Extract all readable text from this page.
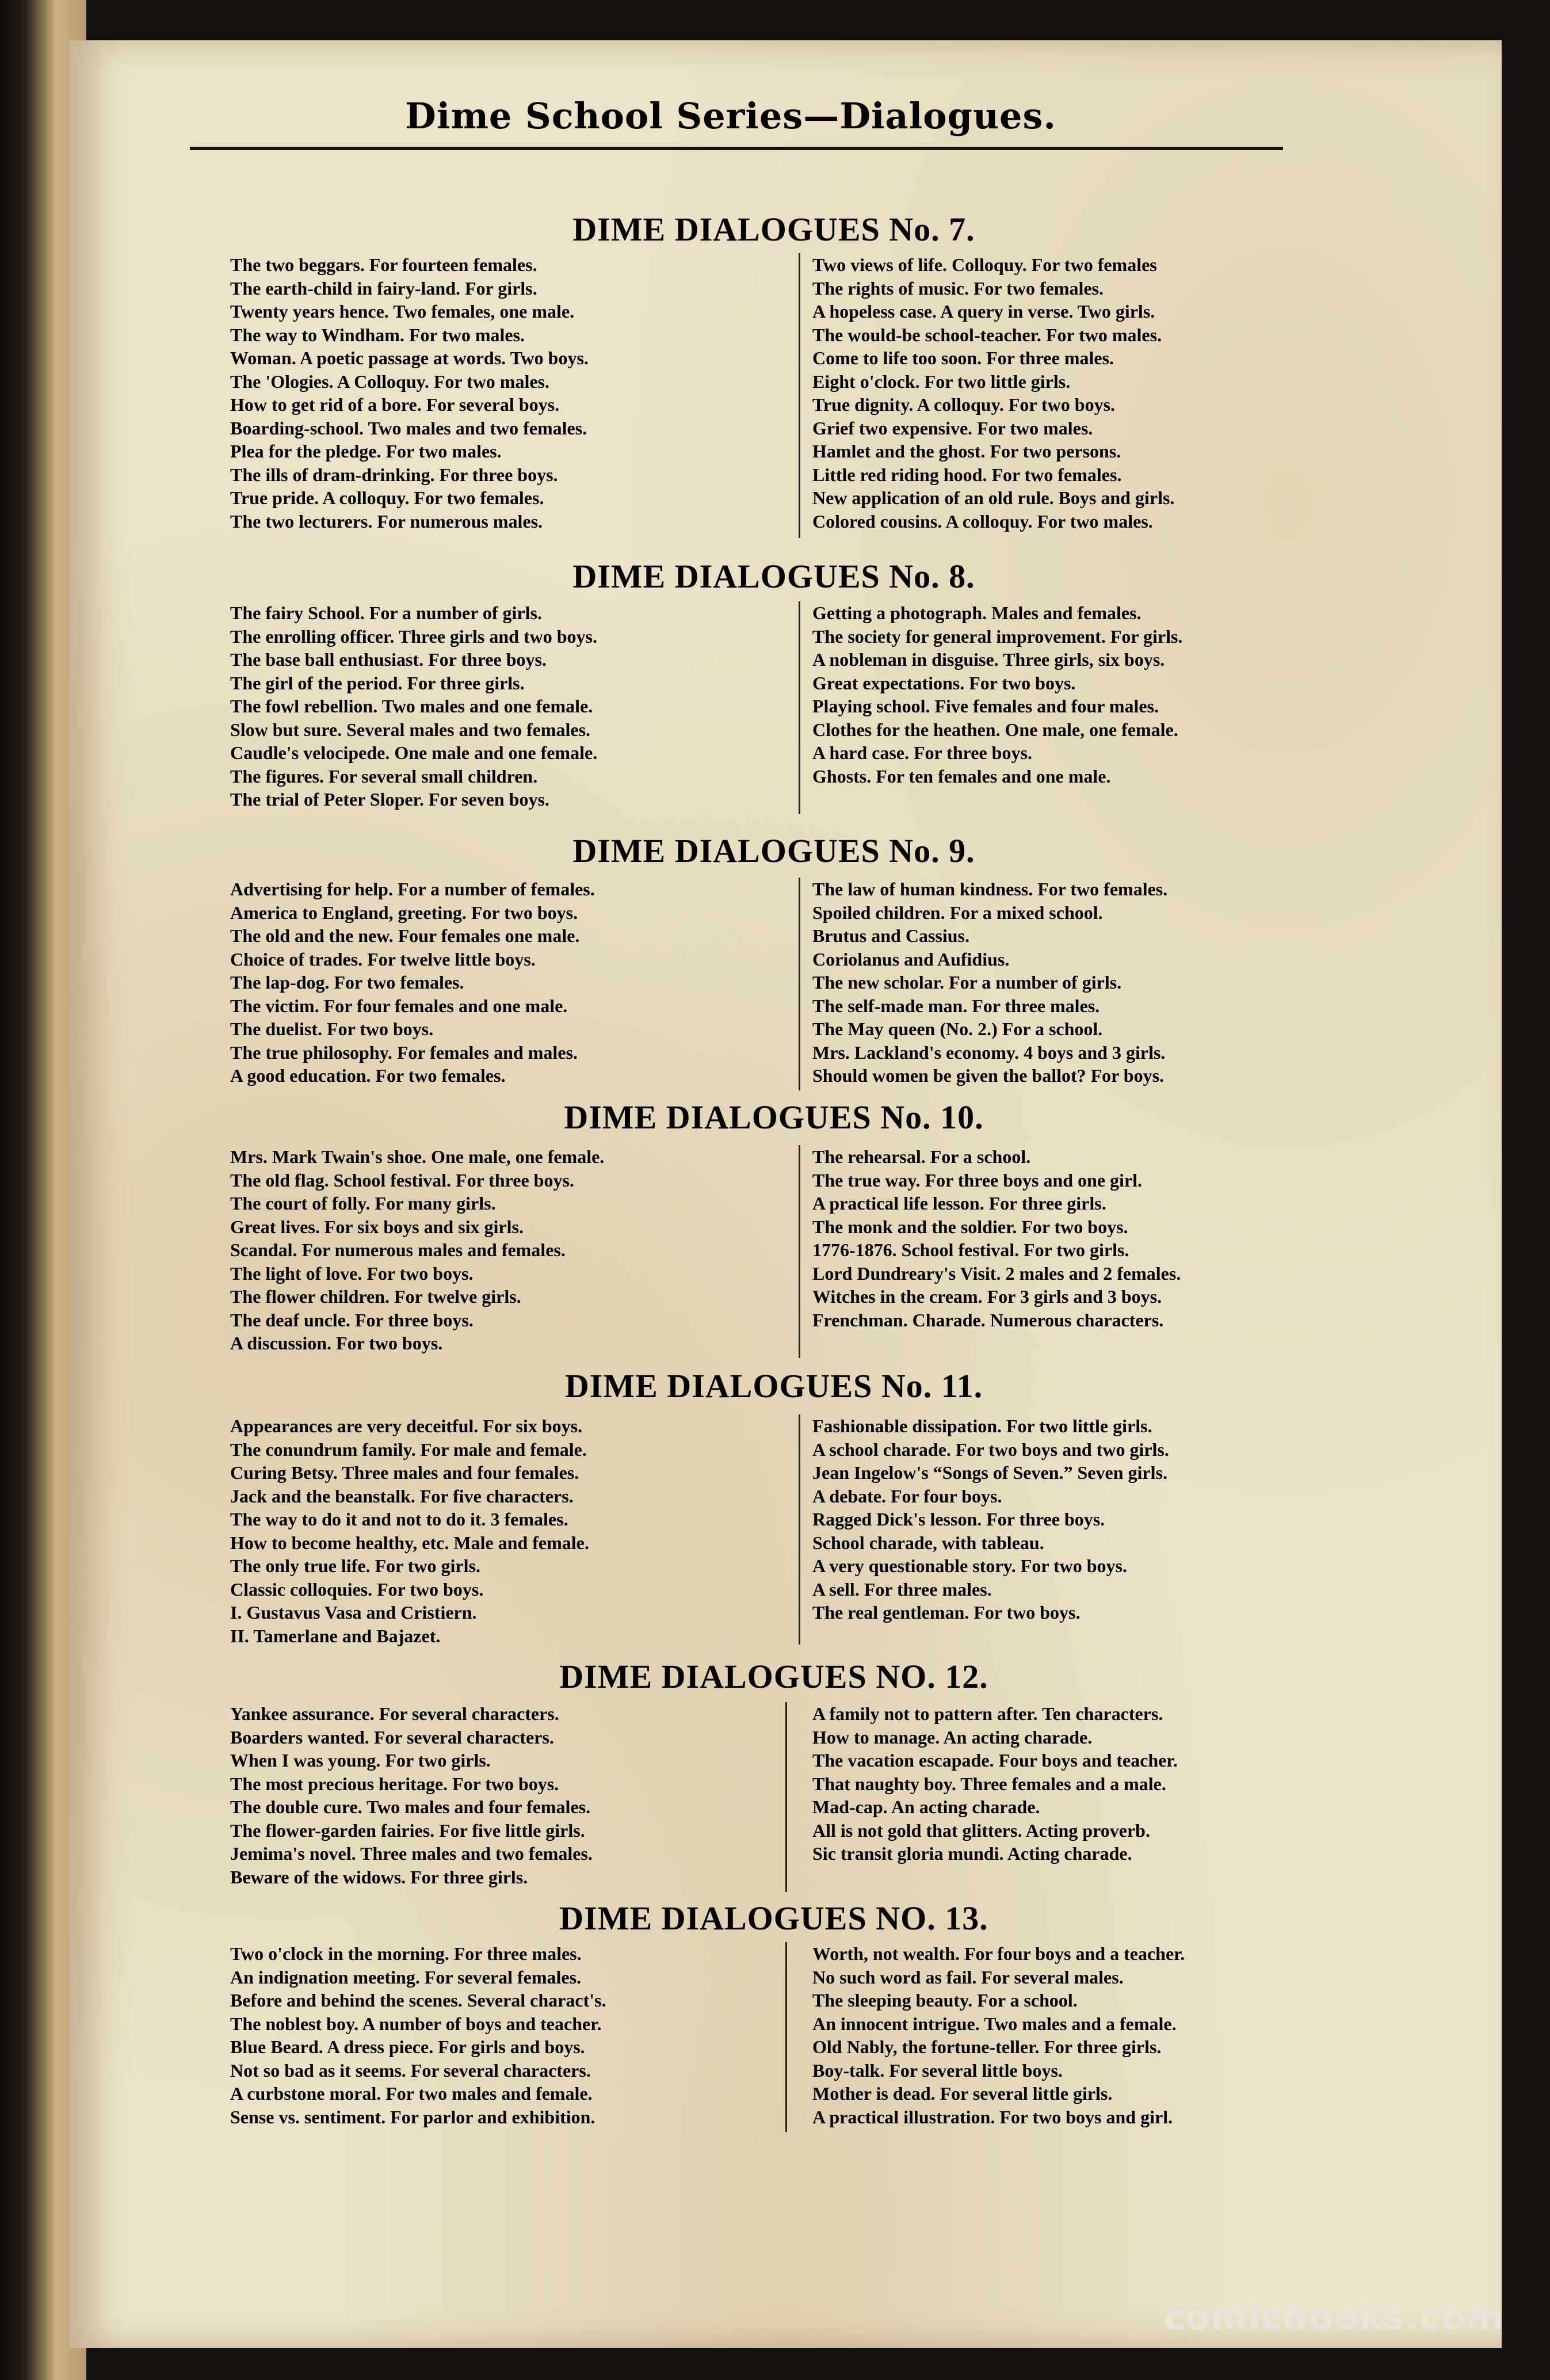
Dime School Series—Dialogues.
DIME DIALOGUES No. 7.
The two beggars. For fourteen females.
The earth-child in fairy-land. For girls.
Twenty years hence. Two females, one male.
The way to Windham. For two males.
Woman. A poetic passage at words. Two boys.
The 'Ologies. A Colloquy. For two males.
How to get rid of a bore. For several boys.
Boarding-school. Two males and two females.
Plea for the pledge. For two males.
The ills of dram-drinking. For three boys.
True pride. A colloquy. For two females.
The two lecturers. For numerous males.
Two views of life. Colloquy. For two females
The rights of music. For two females.
A hopeless case. A query in verse. Two girls.
The would-be school-teacher. For two males.
Come to life too soon. For three males.
Eight o'clock. For two little girls.
True dignity. A colloquy. For two boys.
Grief two expensive. For two males.
Hamlet and the ghost. For two persons.
Little red riding hood. For two females.
New application of an old rule. Boys and girls.
Colored cousins. A colloquy. For two males.
DIME DIALOGUES No. 8.
The fairy School. For a number of girls.
The enrolling officer. Three girls and two boys.
The base ball enthusiast. For three boys.
The girl of the period. For three girls.
The fowl rebellion. Two males and one female.
Slow but sure. Several males and two females.
Caudle's velocipede. One male and one female.
The figures. For several small children.
The trial of Peter Sloper. For seven boys.
Getting a photograph. Males and females.
The society for general improvement. For girls.
A nobleman in disguise. Three girls, six boys.
Great expectations. For two boys.
Playing school. Five females and four males.
Clothes for the heathen. One male, one female.
A hard case. For three boys.
Ghosts. For ten females and one male.
DIME DIALOGUES No. 9.
Advertising for help. For a number of females.
America to England, greeting. For two boys.
The old and the new. Four females one male.
Choice of trades. For twelve little boys.
The lap-dog. For two females.
The victim. For four females and one male.
The duelist. For two boys.
The true philosophy. For females and males.
A good education. For two females.
The law of human kindness. For two females.
Spoiled children. For a mixed school.
Brutus and Cassius.
Coriolanus and Aufidius.
The new scholar. For a number of girls.
The self-made man. For three males.
The May queen (No. 2.) For a school.
Mrs. Lackland's economy. 4 boys and 3 girls.
Should women be given the ballot? For boys.
DIME DIALOGUES No. 10.
Mrs. Mark Twain's shoe. One male, one female.
The old flag. School festival. For three boys.
The court of folly. For many girls.
Great lives. For six boys and six girls.
Scandal. For numerous males and females.
The light of love. For two boys.
The flower children. For twelve girls.
The deaf uncle. For three boys.
A discussion. For two boys.
The rehearsal. For a school.
The true way. For three boys and one girl.
A practical life lesson. For three girls.
The monk and the soldier. For two boys.
1776-1876. School festival. For two girls.
Lord Dundreary's Visit. 2 males and 2 females.
Witches in the cream. For 3 girls and 3 boys.
Frenchman. Charade. Numerous characters.
DIME DIALOGUES No. 11.
Appearances are very deceitful. For six boys.
The conundrum family. For male and female.
Curing Betsy. Three males and four females.
Jack and the beanstalk. For five characters.
The way to do it and not to do it. 3 females.
How to become healthy, etc. Male and female.
The only true life. For two girls.
Classic colloquies. For two boys.
I. Gustavus Vasa and Cristiern.
II. Tamerlane and Bajazet.
Fashionable dissipation. For two little girls.
A school charade. For two boys and two girls.
Jean Ingelow's “Songs of Seven.” Seven girls.
A debate. For four boys.
Ragged Dick's lesson. For three boys.
School charade, with tableau.
A very questionable story. For two boys.
A sell. For three males.
The real gentleman. For two boys.
DIME DIALOGUES NO. 12.
Yankee assurance. For several characters.
Boarders wanted. For several characters.
When I was young. For two girls.
The most precious heritage. For two boys.
The double cure. Two males and four females.
The flower-garden fairies. For five little girls.
Jemima's novel. Three males and two females.
Beware of the widows. For three girls.
A family not to pattern after. Ten characters.
How to manage. An acting charade.
The vacation escapade. Four boys and teacher.
That naughty boy. Three females and a male.
Mad-cap. An acting charade.
All is not gold that glitters. Acting proverb.
Sic transit gloria mundi. Acting charade.
DIME DIALOGUES NO. 13.
Two o'clock in the morning. For three males.
An indignation meeting. For several females.
Before and behind the scenes. Several charact's.
The noblest boy. A number of boys and teacher.
Blue Beard. A dress piece. For girls and boys.
Not so bad as it seems. For several characters.
A curbstone moral. For two males and female.
Sense vs. sentiment. For parlor and exhibition.
Worth, not wealth. For four boys and a teacher.
No such word as fail. For several males.
The sleeping beauty. For a school.
An innocent intrigue. Two males and a female.
Old Nably, the fortune-teller. For three girls.
Boy-talk. For several little boys.
Mother is dead. For several little girls.
A practical illustration. For two boys and girl.
comicbooks.com
